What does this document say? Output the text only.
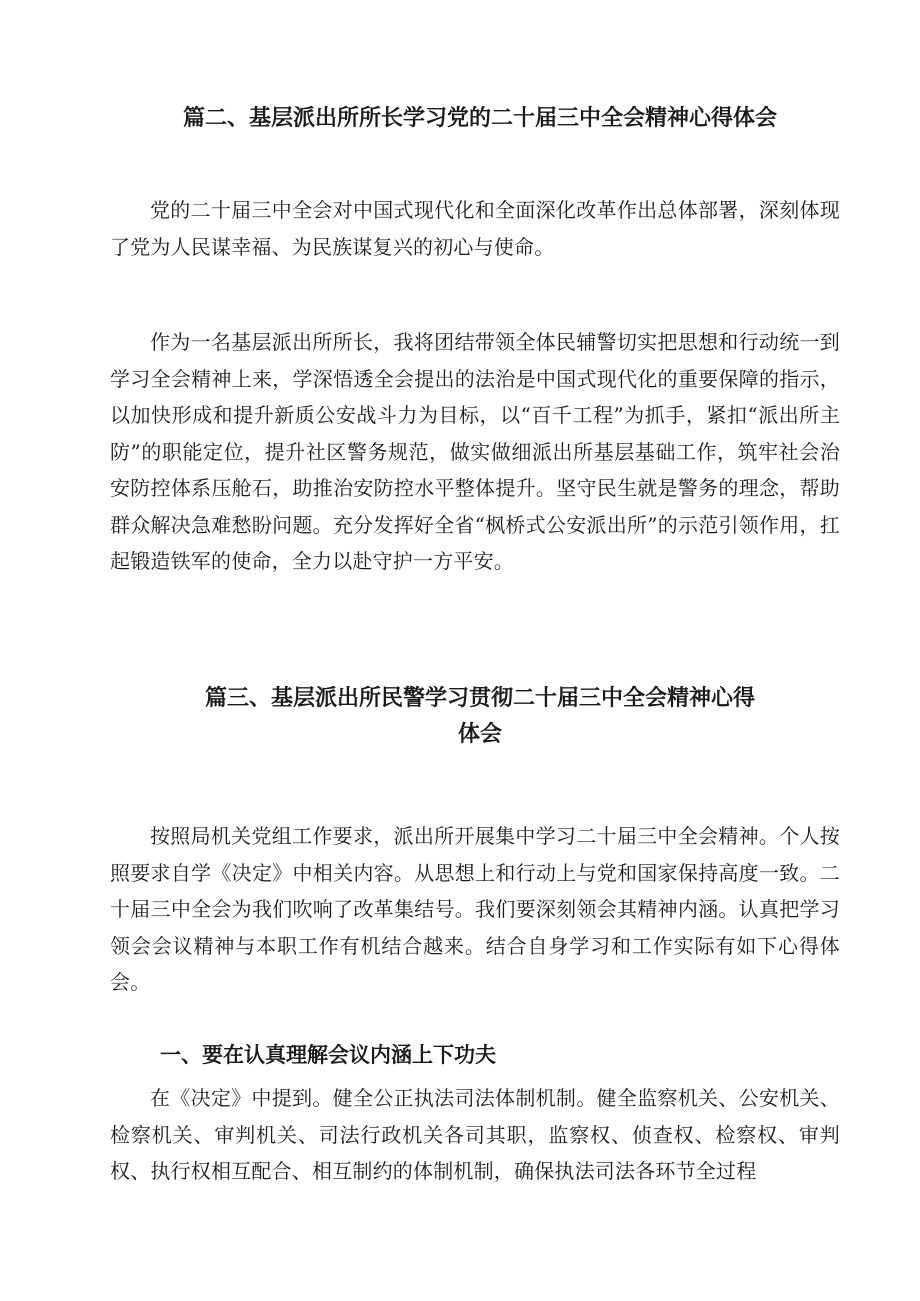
篇二、基层派出所所长学习党的二十届三中全会精神心得体会

党的二十届三中全会对中国式现代化和全面深化改革作出总体部署，深刻体现了党为人民谋幸福、为民族谋复兴的初心与使命。

作为一名基层派出所所长，我将团结带领全体民辅警切实把思想和行动统一到学习全会精神上来，学深悟透全会提出的法治是中国式现代化的重要保障的指示，以加快形成和提升新质公安战斗力为目标，以“百千工程”为抓手，紧扣“派出所主防”的职能定位，提升社区警务规范，做实做细派出所基层基础工作，筑牢社会治安防控体系压舱石，助推治安防控水平整体提升。坚守民生就是警务的理念，帮助群众解决急难愁盼问题。充分发挥好全省“枫桥式公安派出所”的示范引领作用，扛起锻造铁军的使命，全力以赴守护一方平安。

篇三、基层派出所民警学习贯彻二十届三中全会精神心得
体会

按照局机关党组工作要求，派出所开展集中学习二十届三中全会精神。个人按照要求自学《决定》中相关内容。从思想上和行动上与党和国家保持高度一致。二十届三中全会为我们吹响了改革集结号。我们要深刻领会其精神内涵。认真把学习领会会议精神与本职工作有机结合越来。结合自身学习和工作实际有如下心得体会。

一、要在认真理解会议内涵上下功夫

在《决定》中提到。健全公正执法司法体制机制。健全监察机关、公安机关、检察机关、审判机关、司法行政机关各司其职，监察权、侦查权、检察权、审判权、执行权相互配合、相互制约的体制机制，确保执法司法各环节全过程
